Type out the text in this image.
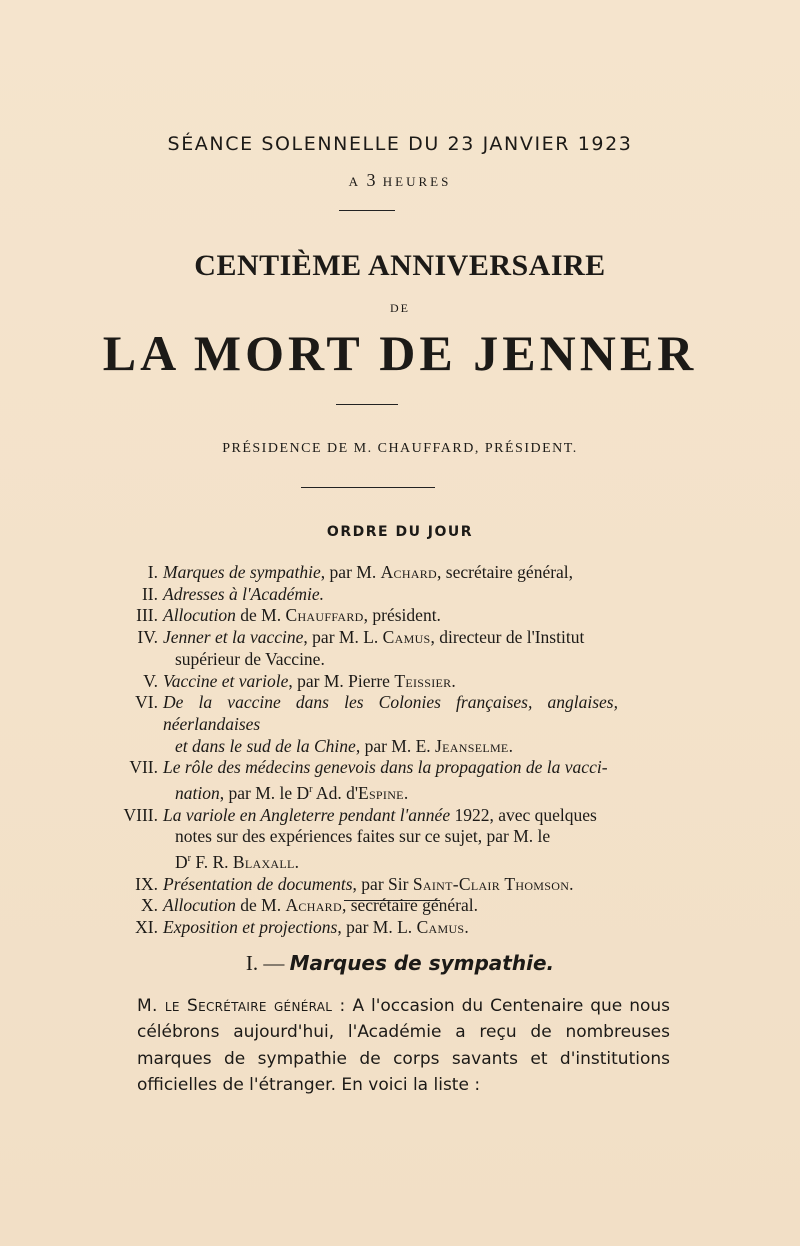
SÉANCE SOLENNELLE DU 23 JANVIER 1923
A 3 HEURES
CENTIÈME ANNIVERSAIRE
DE
LA MORT DE JENNER
PRÉSIDENCE DE M. CHAUFFARD, PRÉSIDENT.
ORDRE DU JOUR
I. Marques de sympathie, par M. Achard, secrétaire général,
II. Adresses à l'Académie.
III. Allocution de M. Chauffard, président.
IV. Jenner et la vaccine, par M. L. Camus, directeur de l'Institut
supérieur de Vaccine.
V. Vaccine et variole, par M. Pierre Teissier.
VI. De la vaccine dans les Colonies françaises, anglaises, néerlandaises
et dans le sud de la Chine, par M. E. Jeanselme.
VII. Le rôle des médecins genevois dans la propagation de la vacci-
nation, par M. le $D^r$ Ad. d'Espine.
VIII. La variole en Angleterre pendant l'année 1922, avec quelques
notes sur des expériences faites sur ce sujet, par M. le
$D^r$ F. R. Blaxall.
IX. Présentation de documents, par Sir Saint-Clair Thomson.
X. Allocution de M. Achard, secrétaire général.
XI. Exposition et projections, par M. L. Camus.
I. — Marques de sympathie.
M. le Secrétaire général : A l'occasion du Centenaire que nous célébrons aujourd'hui, l'Académie a reçu de nombreuses marques de sympathie de corps savants et d'institutions officielles de l'étranger. En voici la liste :
